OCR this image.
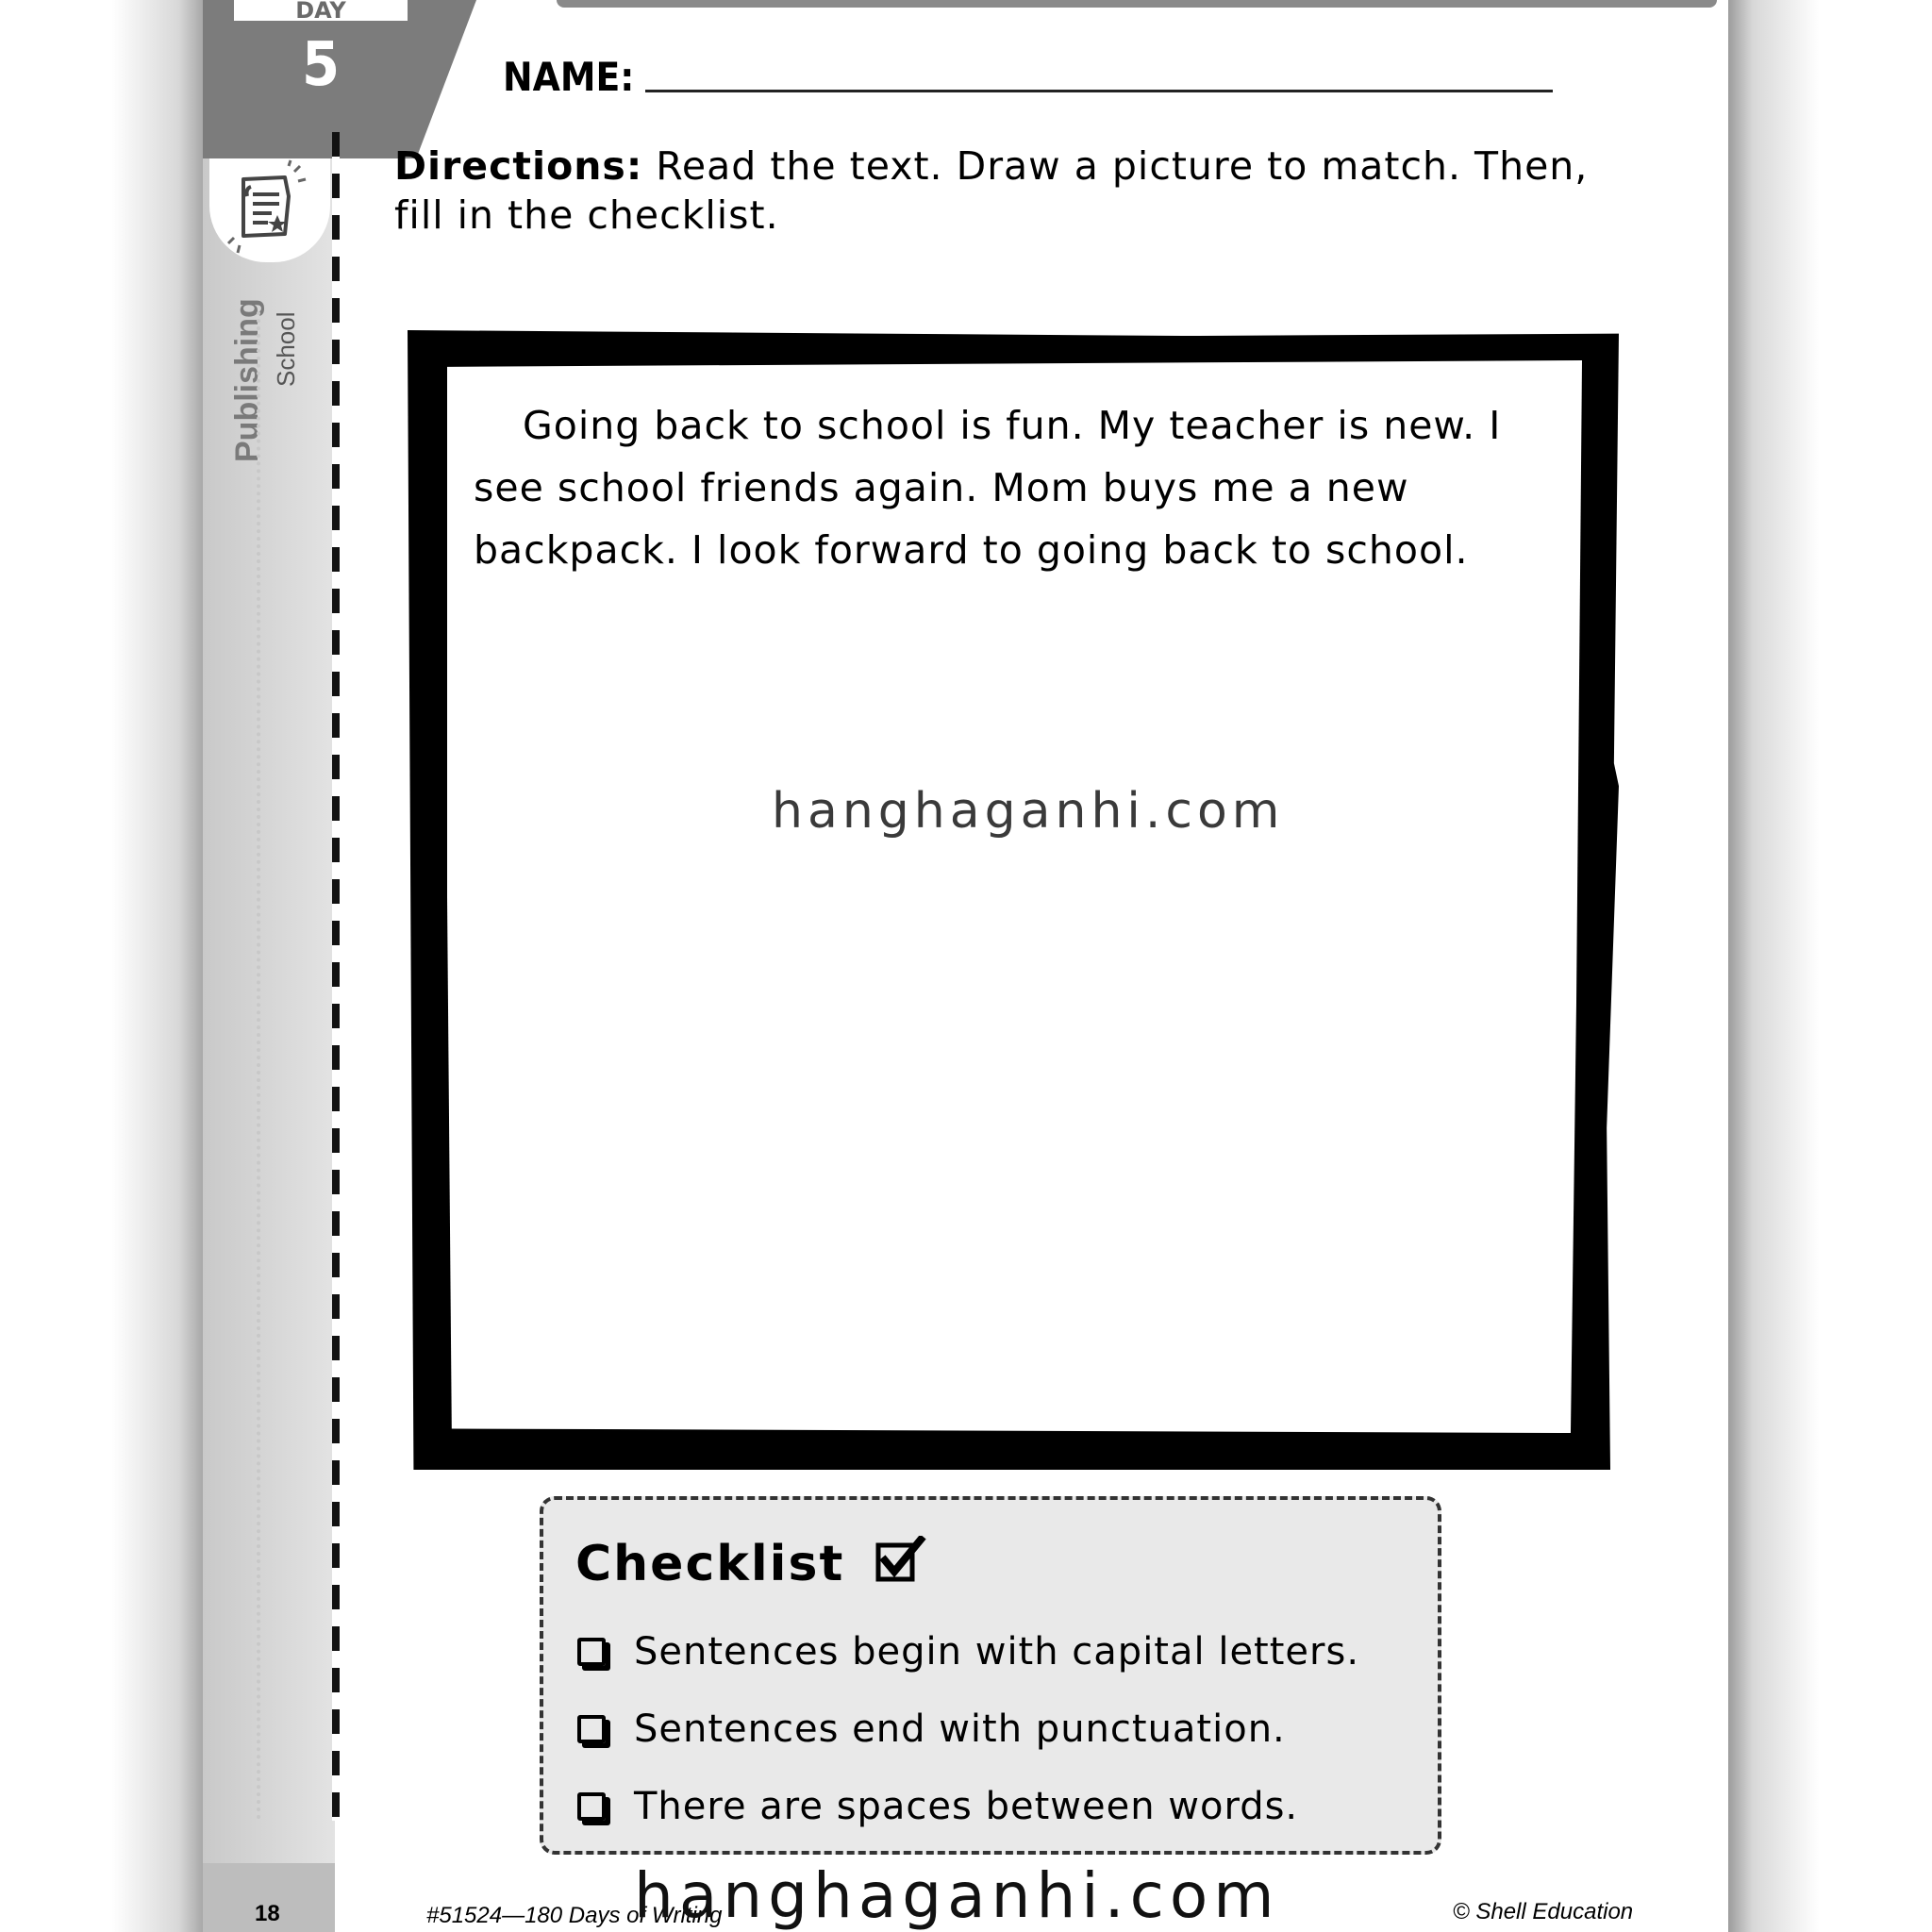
DAY
5
Publishing School
NAME:
Directions: Read the text. Draw a picture to match. Then, fill in the checklist.
Going back to school is fun. My teacher is new. I see school friends again. Mom buys me a new backpack. I look forward to going back to school.
hanghaganhi.com
Checklist
Sentences begin with capital letters.
Sentences end with punctuation.
There are spaces between words.
18	#51524—180 Days of Writing	© Shell Education
hanghaganhi.com
